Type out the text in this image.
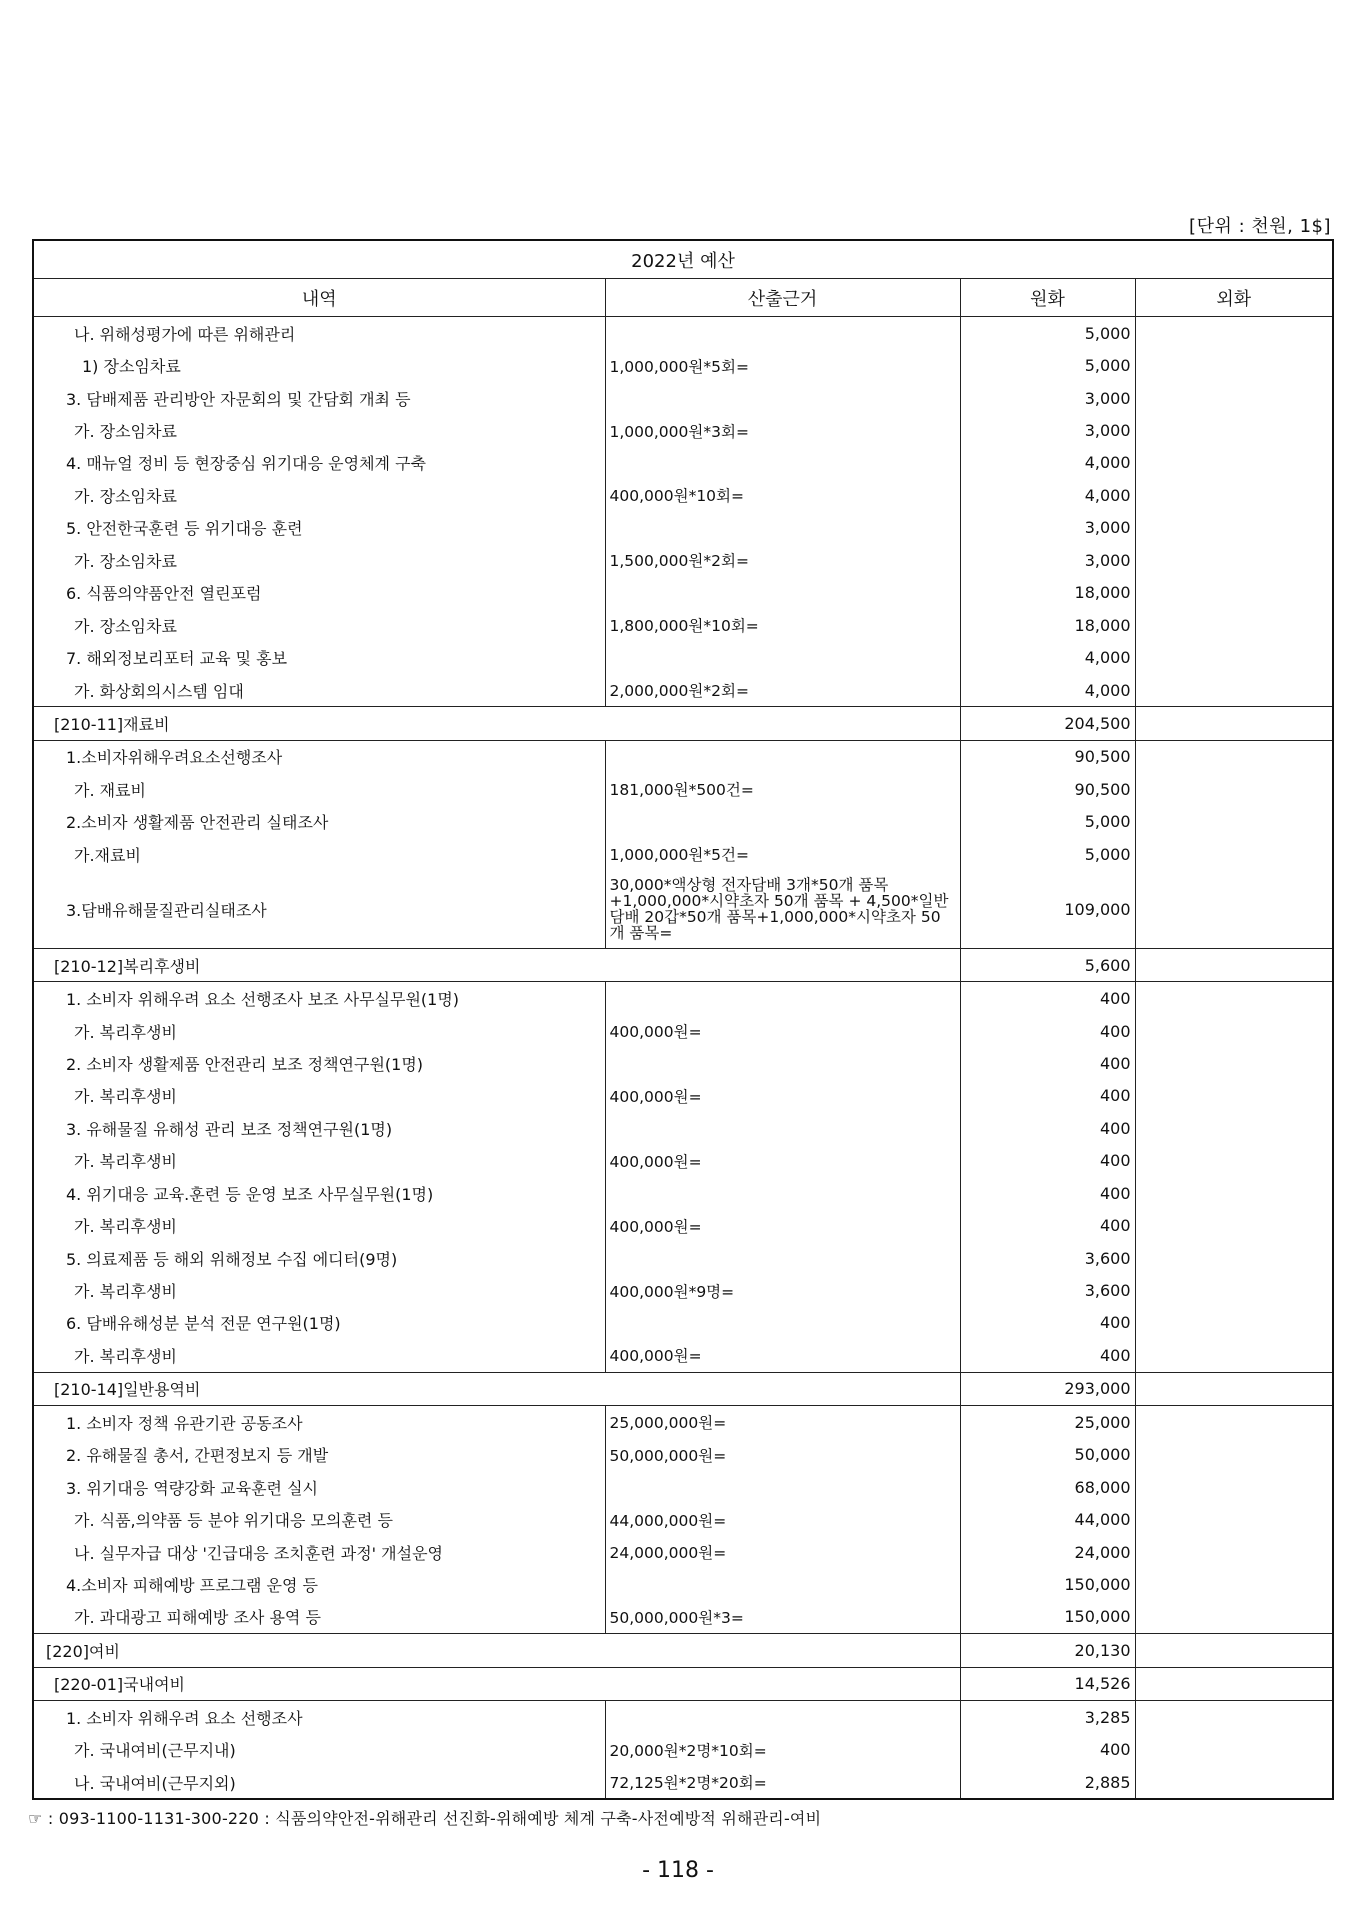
[단위 : 천원, 1$]
2022년 예산			
내역	산출근거	원화	외화
나. 위해성평가에 따른 위해관리		5,000	
1) 장소임차료	1,000,000원*5회=	5,000	
3. 담배제품 관리방안 자문회의 및 간담회 개최 등		3,000	
가. 장소임차료	1,000,000원*3회=	3,000	
4. 매뉴얼 정비 등 현장중심 위기대응 운영체계 구축		4,000	
가. 장소임차료	400,000원*10회=	4,000	
5. 안전한국훈련 등 위기대응 훈련		3,000	
가. 장소임차료	1,500,000원*2회=	3,000	
6. 식품의약품안전 열린포럼		18,000	
가. 장소임차료	1,800,000원*10회=	18,000	
7. 해외정보리포터 교육 및 홍보		4,000	
가. 화상회의시스템 임대	2,000,000원*2회=	4,000	
[210-11]재료비		204,500	
1.소비자위해우려요소선행조사		90,500	
가. 재료비	181,000원*500건=	90,500	
2.소비자 생활제품 안전관리 실태조사		5,000	
가.재료비	1,000,000원*5건=	5,000	
3.담배유해물질관리실태조사	30,000*액상형 전자담배 3개*50개 품목+1,000,000*시약초자 50개 품목 + 4,500*일반담배 20갑*50개 품목+1,000,000*시약초자 50개 품목=	109,000	
[210-12]복리후생비		5,600	
1. 소비자 위해우려 요소 선행조사 보조 사무실무원(1명)		400	
가. 복리후생비	400,000원=	400	
2. 소비자 생활제품 안전관리 보조 정책연구원(1명)		400	
가. 복리후생비	400,000원=	400	
3. 유해물질 유해성 관리 보조 정책연구원(1명)		400	
가. 복리후생비	400,000원=	400	
4. 위기대응 교육.훈련 등 운영 보조 사무실무원(1명)		400	
가. 복리후생비	400,000원=	400	
5. 의료제품 등 해외 위해정보 수집 에디터(9명)		3,600	
가. 복리후생비	400,000원*9명=	3,600	
6. 담배유해성분 분석 전문 연구원(1명)		400	
가. 복리후생비	400,000원=	400	
[210-14]일반용역비		293,000	
1. 소비자 정책 유관기관 공동조사	25,000,000원=	25,000	
2. 유해물질 총서, 간편정보지 등 개발	50,000,000원=	50,000	
3. 위기대응 역량강화 교육훈련 실시		68,000	
가. 식품,의약품 등 분야 위기대응 모의훈련 등	44,000,000원=	44,000	
나. 실무자급 대상 '긴급대응 조치훈련 과정' 개설운영	24,000,000원=	24,000	
4.소비자 피해예방 프로그램 운영 등		150,000	
가. 과대광고 피해예방 조사 용역 등	50,000,000원*3=	150,000	
[220]여비		20,130	
[220-01]국내여비		14,526	
1. 소비자 위해우려 요소 선행조사		3,285	
가. 국내여비(근무지내)	20,000원*2명*10회=	400	
나. 국내여비(근무지외)	72,125원*2명*20회=	2,885	
☞ : 093-1100-1131-300-220 : 식품의약안전-위해관리 선진화-위해예방 체계 구축-사전예방적 위해관리-여비
- 118 -
